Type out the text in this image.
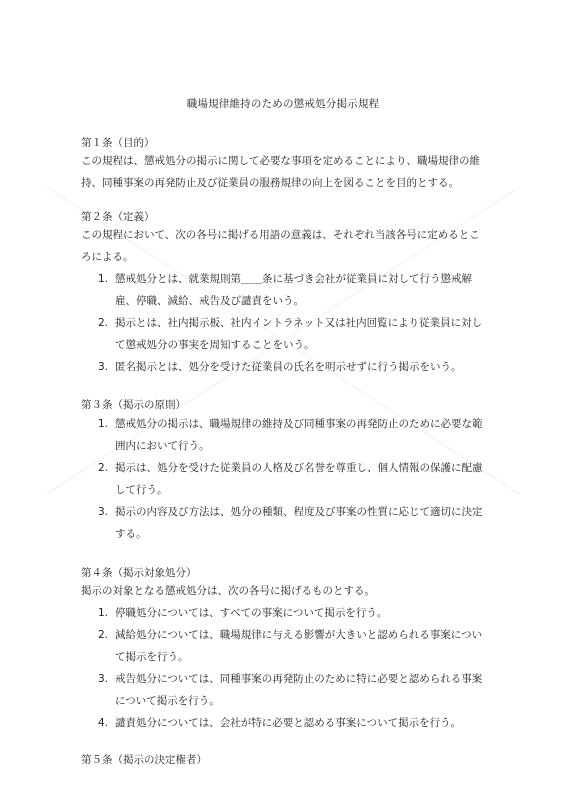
職場規律維持のための懲戒処分掲示規程
第１条（目的）
この規程は、懲戒処分の掲示に関して必要な事項を定めることにより、職場規律の維
持、同種事案の再発防止及び従業員の服務規律の向上を図ることを目的とする。
第２条（定義）
この規程において、次の各号に掲げる用語の意義は、それぞれ当該各号に定めるとこ
ろによる。
1. 懲戒処分とは、就業規則第＿＿条に基づき会社が従業員に対して行う懲戒解
雇、停職、減給、戒告及び譴責をいう。
2. 掲示とは、社内掲示板、社内イントラネット又は社内回覧により従業員に対し
て懲戒処分の事実を周知することをいう。
3. 匿名掲示とは、処分を受けた従業員の氏名を明示せずに行う掲示をいう。
第３条（掲示の原則）
1. 懲戒処分の掲示は、職場規律の維持及び同種事案の再発防止のために必要な範
囲内において行う。
2. 掲示は、処分を受けた従業員の人格及び名誉を尊重し、個人情報の保護に配慮
して行う。
3. 掲示の内容及び方法は、処分の種類、程度及び事案の性質に応じて適切に決定
する。
第４条（掲示対象処分）
掲示の対象となる懲戒処分は、次の各号に掲げるものとする。
1. 停職処分については、すべての事案について掲示を行う。
2. 減給処分については、職場規律に与える影響が大きいと認められる事案につい
て掲示を行う。
3. 戒告処分については、同種事案の再発防止のために特に必要と認められる事案
について掲示を行う。
4. 譴責処分については、会社が特に必要と認める事案について掲示を行う。
第５条（掲示の決定権者）
